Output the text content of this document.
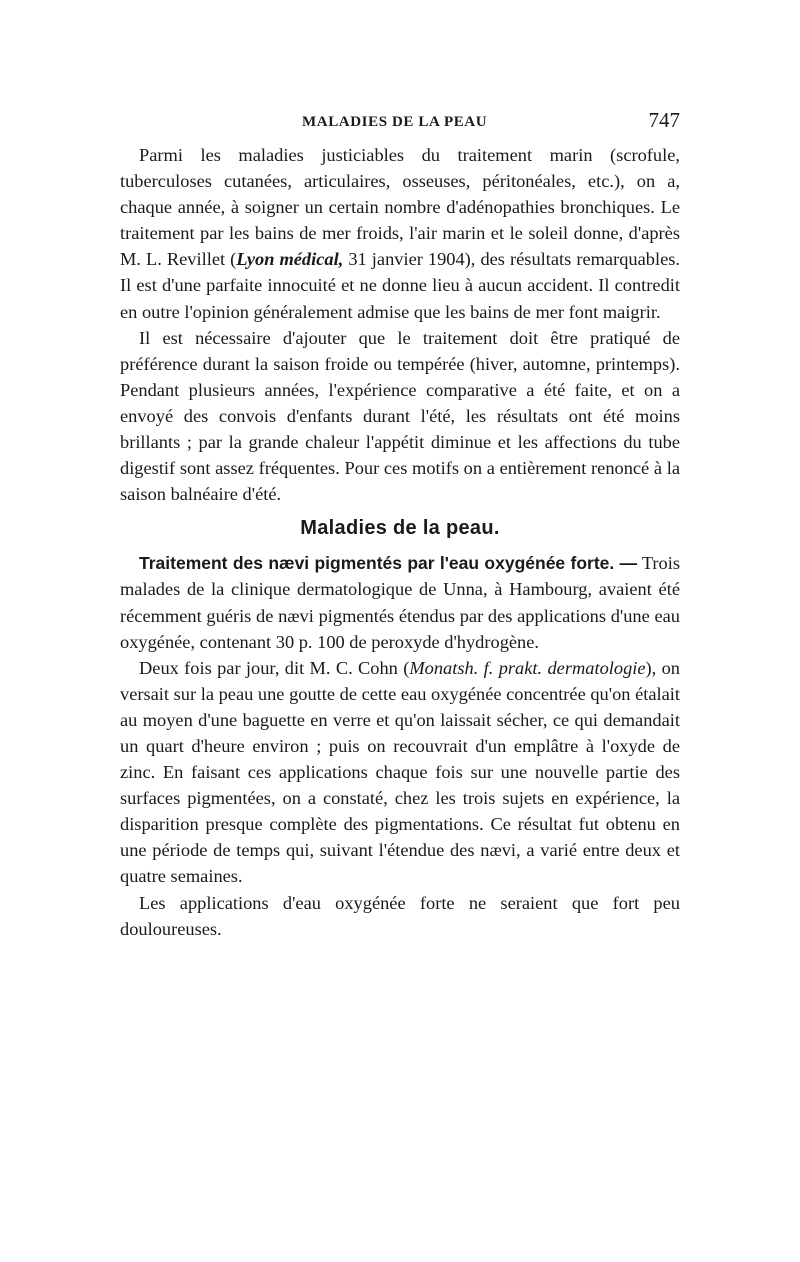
MALADIES DE LA PEAU	747

Parmi les maladies justiciables du traitement marin (scrofule, tuberculoses cutanées, articulaires, osseuses, péritonéales, etc.), on a, chaque année, à soigner un certain nombre d'adénopathies bronchiques. Le traitement par les bains de mer froids, l'air marin et le soleil donne, d'après M. L. Revillet (Lyon médical, 31 janvier 1904), des résultats remarquables. Il est d'une parfaite innocuité et ne donne lieu à aucun accident. Il contredit en outre l'opinion généralement admise que les bains de mer font maigrir.

Il est nécessaire d'ajouter que le traitement doit être pratiqué de préférence durant la saison froide ou tempérée (hiver, automne, printemps). Pendant plusieurs années, l'expérience comparative a été faite, et on a envoyé des convois d'enfants durant l'été, les résultats ont été moins brillants ; par la grande chaleur l'appétit diminue et les affections du tube digestif sont assez fréquentes. Pour ces motifs on a entièrement renoncé à la saison balnéaire d'été.

Maladies de la peau.

Traitement des nævi pigmentés par l'eau oxygénée forte. — Trois malades de la clinique dermatologique de Unna, à Hambourg, avaient été récemment guéris de nævi pigmentés étendus par des applications d'une eau oxygénée, contenant 30 p. 100 de peroxyde d'hydrogène.

Deux fois par jour, dit M. C. Cohn (Monatsh. f. prakt. dermatologie), on versait sur la peau une goutte de cette eau oxygénée concentrée qu'on étalait au moyen d'une baguette en verre et qu'on laissait sécher, ce qui demandait un quart d'heure environ ; puis on recouvrait d'un emplâtre à l'oxyde de zinc. En faisant ces applications chaque fois sur une nouvelle partie des surfaces pigmentées, on a constaté, chez les trois sujets en expérience, la disparition presque complète des pigmentations. Ce résultat fut obtenu en une période de temps qui, suivant l'étendue des nævi, a varié entre deux et quatre semaines.

Les applications d'eau oxygénée forte ne seraient que fort peu douloureuses.
